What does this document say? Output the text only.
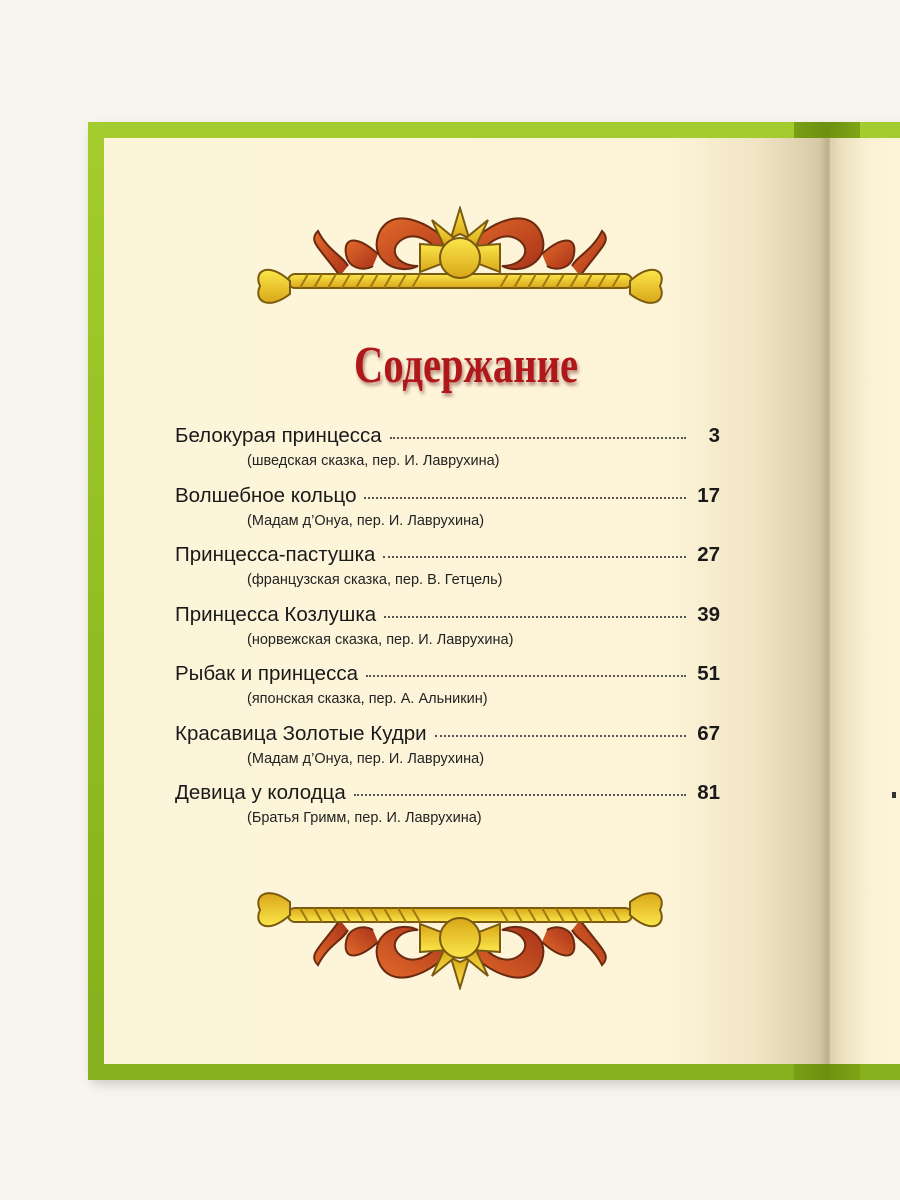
Содержание
Белокурая принцесса	3
(шведская сказка, пер. И. Лаврухина)
Волшебное кольцо	17
(Мадам д’Онуа, пер. И. Лаврухина)
Принцесса-пастушка	27
(французская сказка, пер. В. Гетцель)
Принцесса Козлушка	39
(норвежская сказка, пер. И. Лаврухина)
Рыбак и принцесса	51
(японская сказка, пер. А. Альникин)
Красавица Золотые Кудри	67
(Мадам д’Онуа, пер. И. Лаврухина)
Девица у колодца	81
(Братья Гримм, пер. И. Лаврухина)
